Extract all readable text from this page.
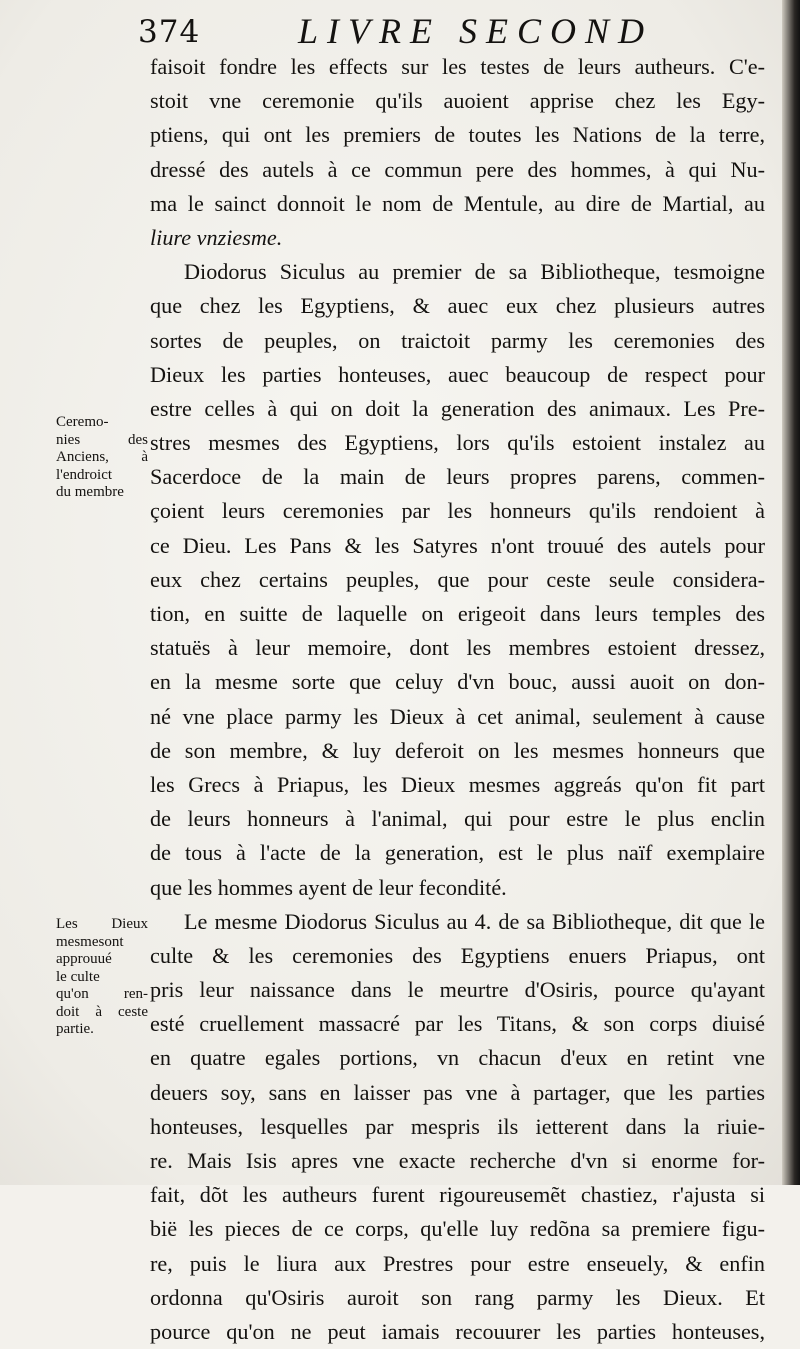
374	LIVRE SECOND
faisoit fondre les effects sur les testes de leurs autheurs. C'e-
stoit vne ceremonie qu'ils auoient apprise chez les Egy-
ptiens, qui ont les premiers de toutes les Nations de la terre,
dressé des autels à ce commun pere des hommes, à qui Nu-
ma le sainct donnoit le nom de Mentule, au dire de Martial, au
liure vnziesme.
Diodorus Siculus au premier de sa Bibliotheque, tesmoigne
que chez les Egyptiens, & auec eux chez plusieurs autres
sortes de peuples, on traictoit parmy les ceremonies des
Dieux les parties honteuses, auec beaucoup de respect pour
estre celles à qui on doit la generation des animaux. Les Pre-
stres mesmes des Egyptiens, lors qu'ils estoient instalez au
Sacerdoce de la main de leurs propres parens, commen-
çoient leurs ceremonies par les honneurs qu'ils rendoient à
ce Dieu. Les Pans & les Satyres n'ont trouué des autels pour
eux chez certains peuples, que pour ceste seule considera-
tion, en suitte de laquelle on erigeoit dans leurs temples des
statuës à leur memoire, dont les membres estoient dressez,
en la mesme sorte que celuy d'vn bouc, aussi auoit on don-
né vne place parmy les Dieux à cet animal, seulement à cause
de son membre, & luy deferoit on les mesmes honneurs que
les Grecs à Priapus, les Dieux mesmes aggreás qu'on fit part
de leurs honneurs à l'animal, qui pour estre le plus enclin
de tous à l'acte de la generation, est le plus naïf exemplaire
que les hommes ayent de leur fecondité.
Le mesme Diodorus Siculus au 4. de sa Bibliotheque, dit que le
culte & les ceremonies des Egyptiens enuers Priapus, ont
pris leur naissance dans le meurtre d'Osiris, pource qu'ayant
esté cruellement massacré par les Titans, & son corps diuisé
en quatre egales portions, vn chacun d'eux en retint vne
deuers soy, sans en laisser pas vne à partager, que les parties
honteuses, lesquelles par mespris ils ietterent dans la riuie-
re. Mais Isis apres vne exacte recherche d'vn si enorme for-
fait, dõt les autheurs furent rigoureusemẽt chastiez, r'ajusta si
bië les pieces de ce corps, qu'elle luy redõna sa premiere figu-
re, puis le liura aux Prestres pour estre enseuely, & enfin
ordonna qu'Osiris auroit son rang parmy les Dieux. Et
pource qu'on ne peut iamais recouurer les parties honteuses,
Ceremo-
nies des
Anciens, à
l'endroict
du membre
Les Dieux
mesmesont
approuué
le culte
qu'on ren-
doit à ceste
partie.
